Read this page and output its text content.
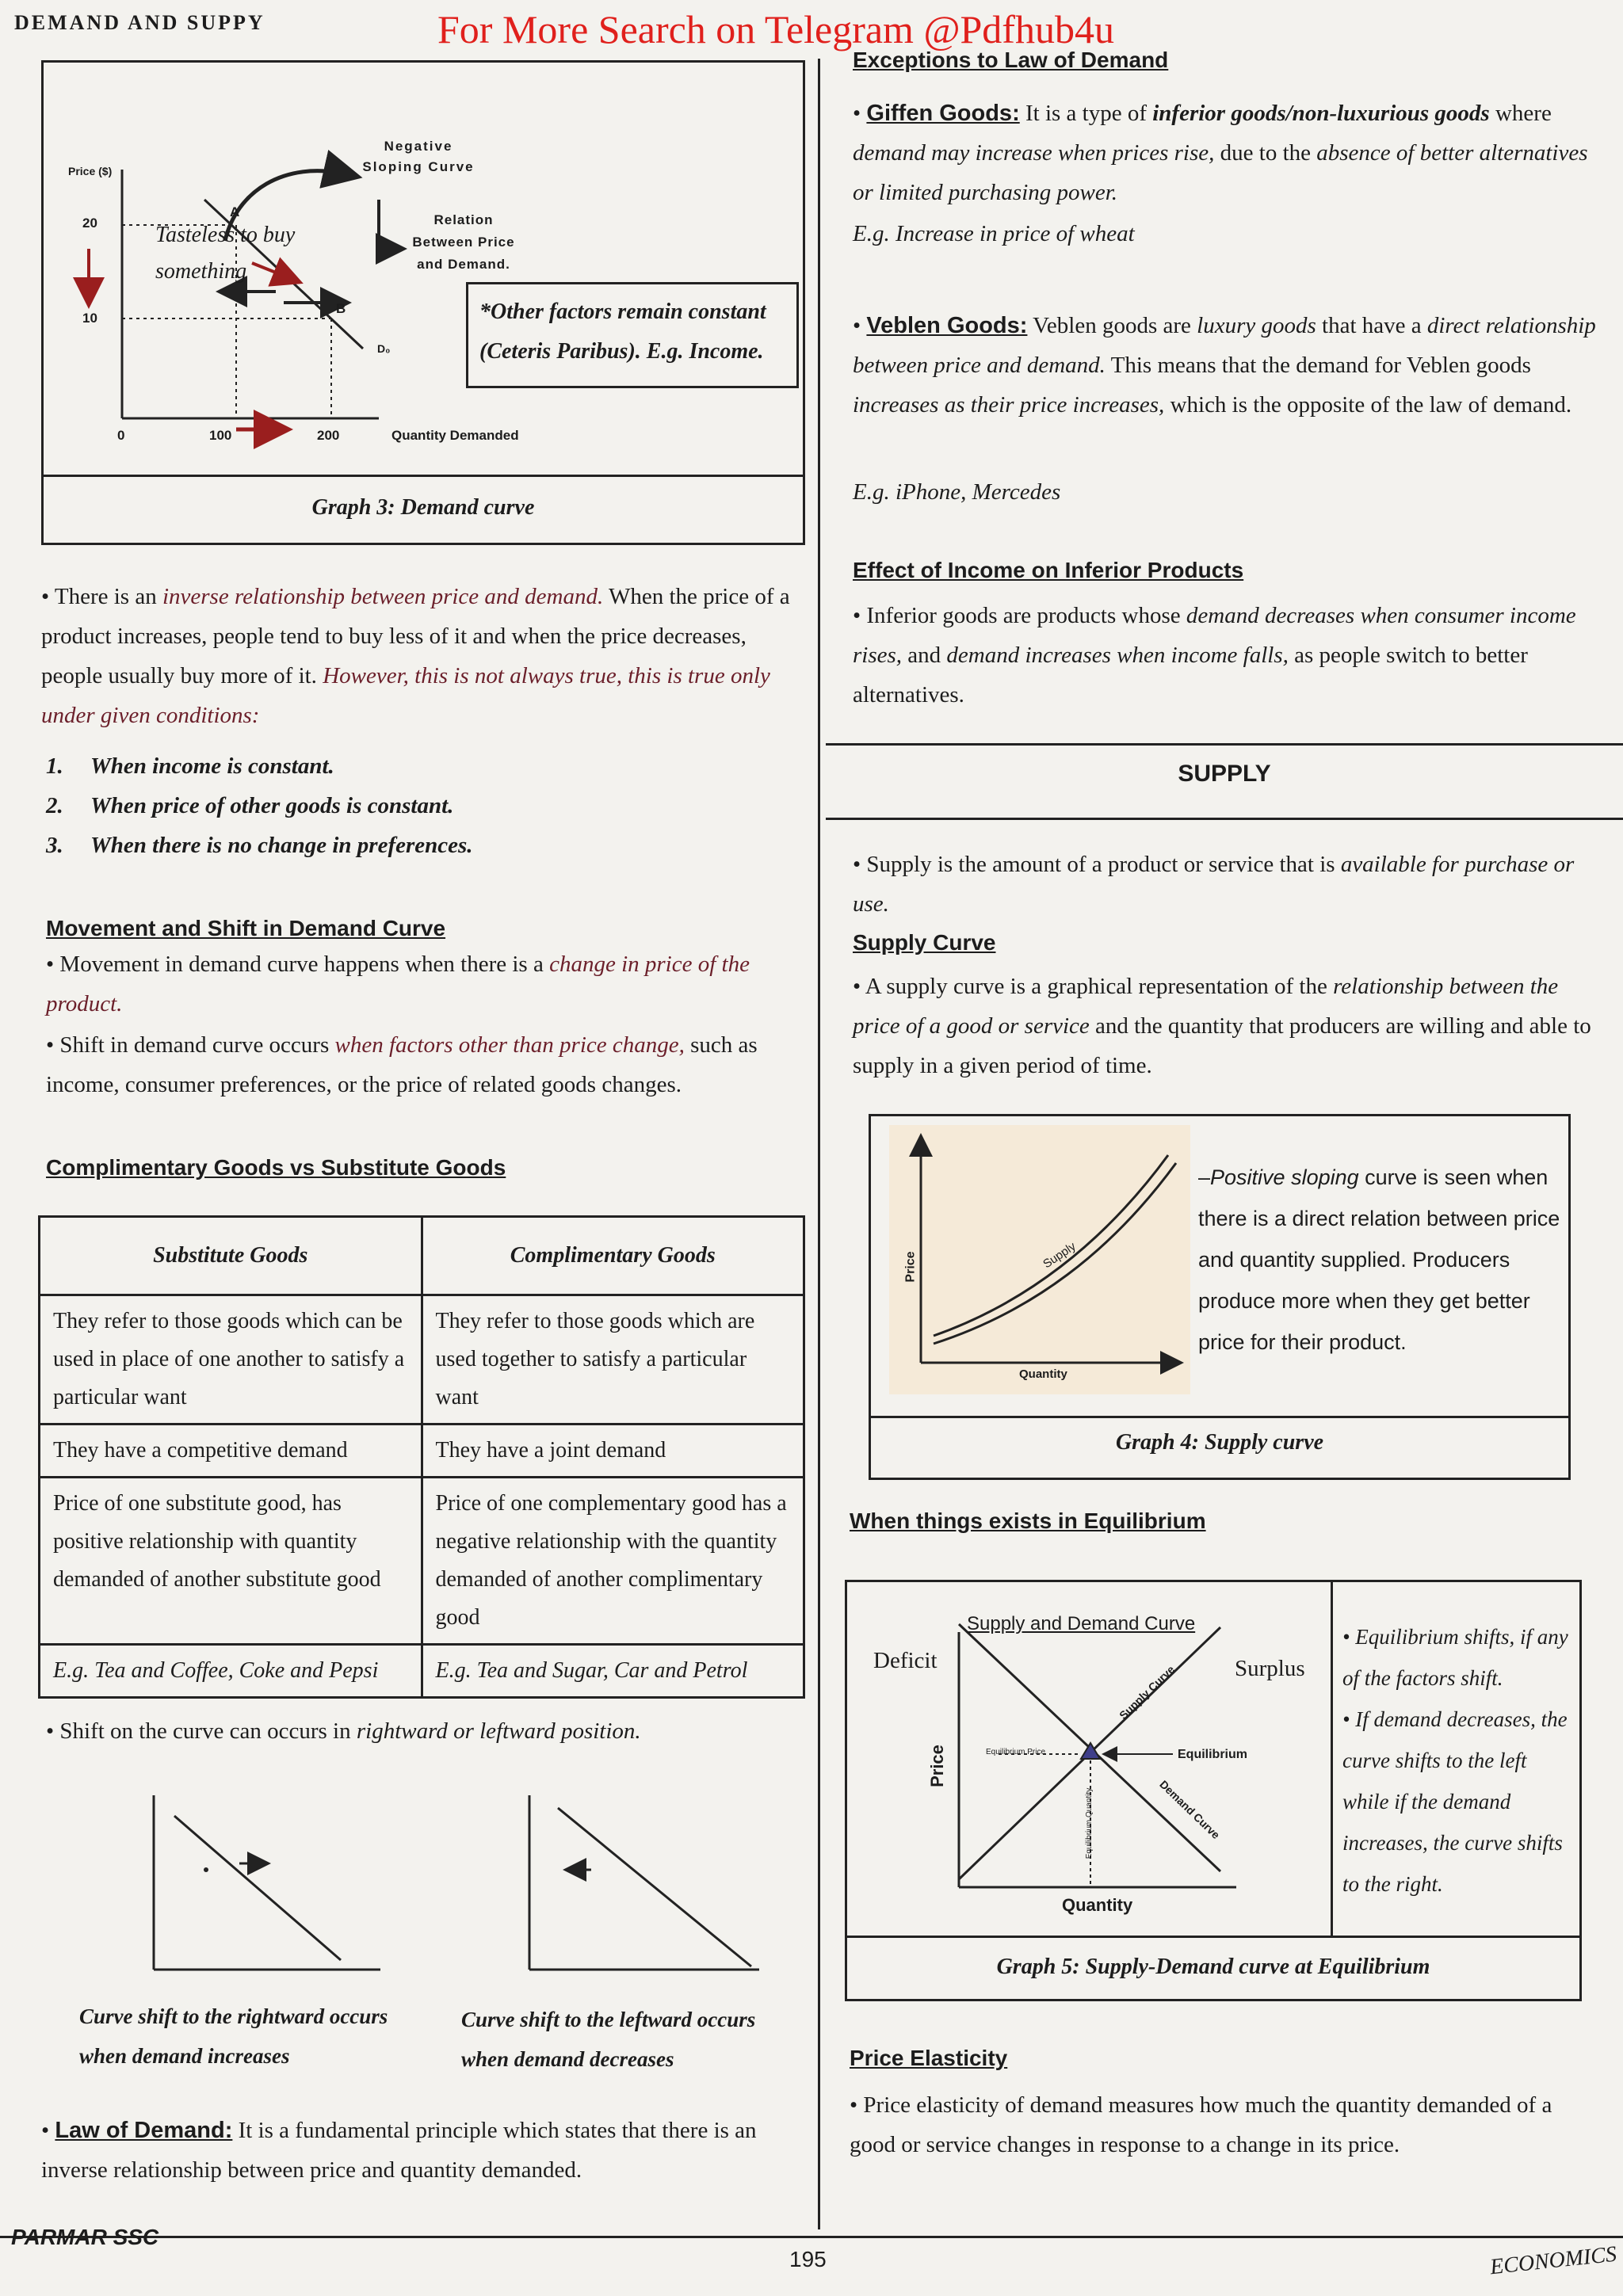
DEMAND AND SUPPY	For More Search on Telegram @Pdfhub4u
Graph 3: Demand curve
Price ($)
20
10
0	100	200	Quantity Demanded
A
B
D₀
Tasteless to buy something
Negative Sloping Curve
Relation Between Price and Demand.
*Other factors remain constant (Ceteris Paribus). E.g. Income.
• There is an inverse relationship between price and demand. When the price of a product increases, people tend to buy less of it and when the price decreases, people usually buy more of it. However, this is not always true, this is true only under given conditions:
1. When income is constant.
2. When price of other goods is constant.
3. When there is no change in preferences.
Movement and Shift in Demand Curve
• Movement in demand curve happens when there is a change in price of the product.
• Shift in demand curve occurs when factors other than price change, such as income, consumer preferences, or the price of related goods changes.
Complimentary Goods vs Substitute Goods
Substitute Goods	Complimentary Goods
They refer to those goods which can be used in place of one another to satisfy a particular want	They refer to those goods which are used together to satisfy a particular want
They have a competitive demand	They have a joint demand
Price of one substitute good, has positive relationship with quantity demanded of another substitute good	Price of one complementary good has a negative relationship with the quantity demanded of another complimentary good
E.g. Tea and Coffee, Coke and Pepsi	E.g. Tea and Sugar, Car and Petrol
• Shift on the curve can occurs in rightward or leftward position.
Curve shift to the rightward occurs when demand increases
Curve shift to the leftward occurs when demand decreases
• Law of Demand: It is a fundamental principle which states that there is an inverse relationship between price and quantity demanded.
Exceptions to Law of Demand
• Giffen Goods: It is a type of inferior goods/non-luxurious goods where demand may increase when prices rise, due to the absence of better alternatives or limited purchasing power.
E.g. Increase in price of wheat
• Veblen Goods: Veblen goods are luxury goods that have a direct relationship between price and demand. This means that the demand for Veblen goods increases as their price increases, which is the opposite of the law of demand.
E.g. iPhone, Mercedes
Effect of Income on Inferior Products
• Inferior goods are products whose demand decreases when consumer income rises, and demand increases when income falls, as people switch to better alternatives.
SUPPLY
• Supply is the amount of a product or service that is available for purchase or use.
Supply Curve
• A supply curve is a graphical representation of the relationship between the price of a good or service and the quantity that producers are willing and able to supply in a given period of time.
Graph 4: Supply curve
Price
Quantity
Supply
–Positive sloping curve is seen when there is a direct relation between price and quantity supplied. Producers produce more when they get better price for their product.
When things exists in Equilibrium
Graph 5: Supply-Demand curve at Equilibrium
Supply and Demand Curve
Deficit	Surplus
Price
Quantity
Supply Curve
Demand Curve
Equilibrium Price
Equilibrium Quantity
Equilibrium
• Equilibrium shifts, if any of the factors shift.
• If demand decreases, the curve shifts to the left while if the demand increases, the curve shifts to the right.
Price Elasticity
• Price elasticity of demand measures how much the quantity demanded of a good or service changes in response to a change in its price.
PARMAR SSC
195	ECONOMICS
